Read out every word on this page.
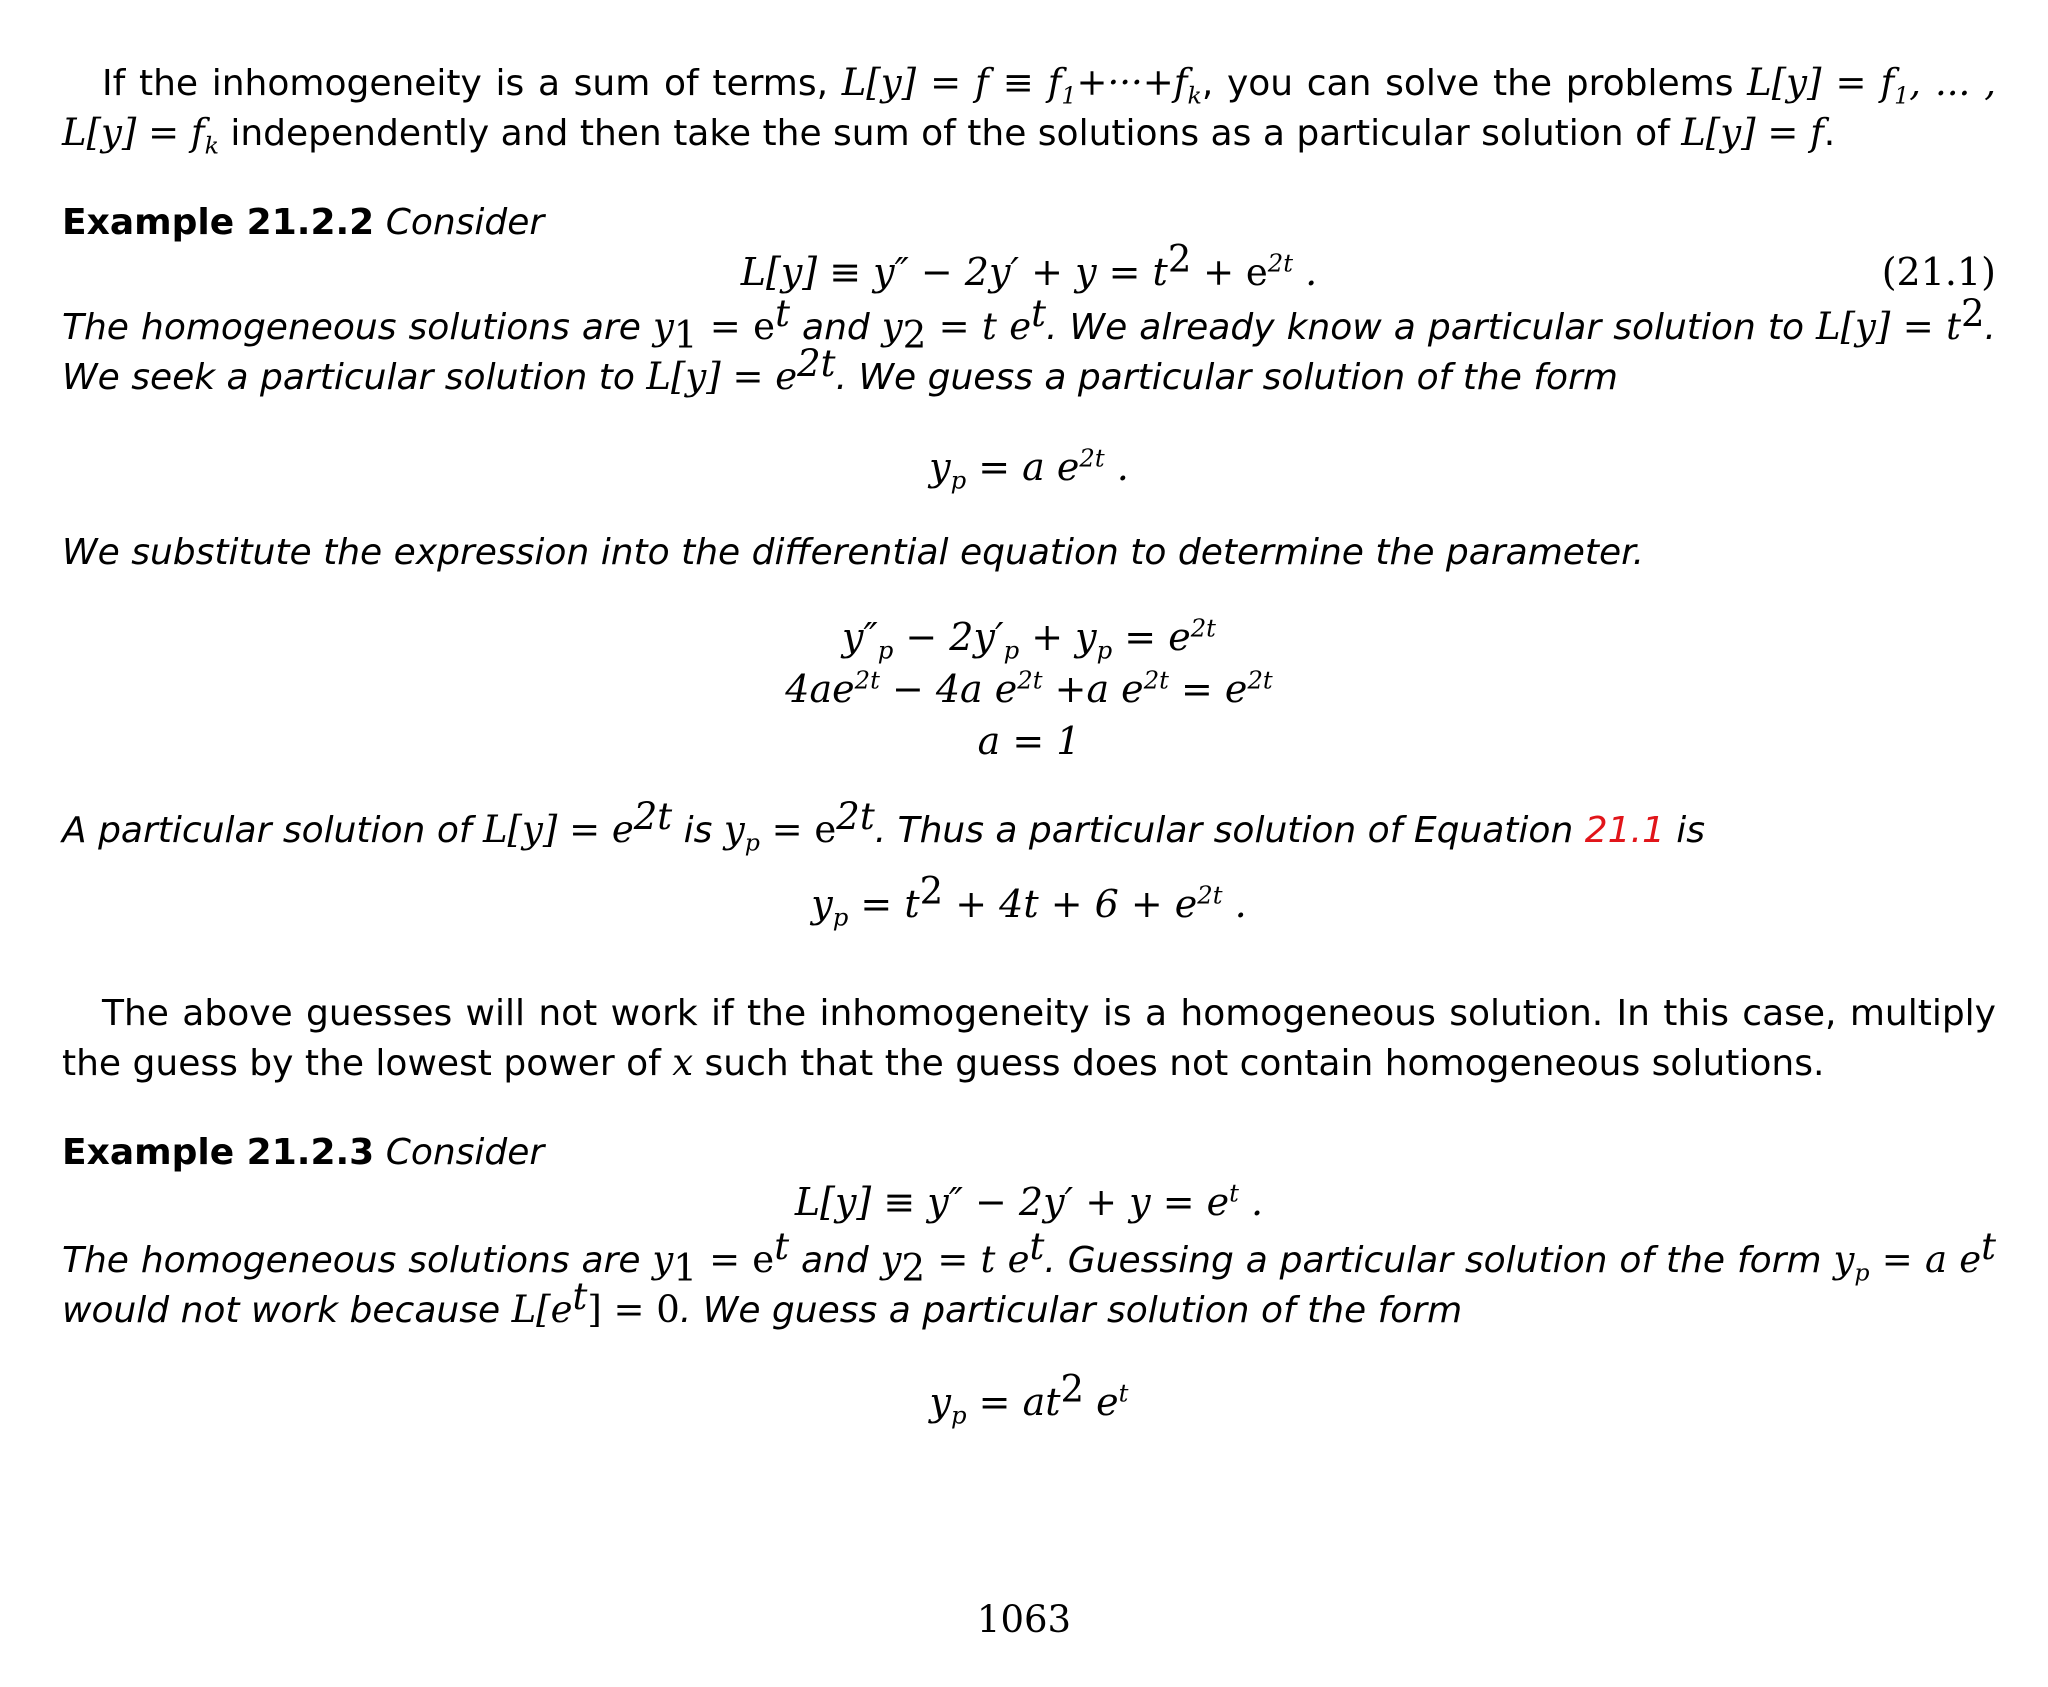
If the inhomogeneity is a sum of terms, $L[y] = f \equiv f_1+\cdot\cdot\cdot+f_k$, you can solve the problems $L[y] = f_1$, ... , $L[y] = f_k$ independently and then take the sum of the solutions as a particular solution of L[y] = f.

Example 21.2.2 Consider

$L[y] \equiv y'' - 2y' + y = t^2 + e^{2t}$ .	(21.1)

The homogeneous solutions are $y_1 = e^t$ and $y_2 = t$ $e^t$. We already know a particular solution to $L[y] = t^2$. We seek a particular solution to $L[y] = e^{2t}$. We guess a particular solution of the form

$y_p = a$ $e^{2t}$ .

We substitute the expression into the differential equation to determine the parameter.

$y''_p - 2y'_p + y_p = e^{2t}$
$4ae^{2t} - 4a$ $e^{2t} +a$ $e^{2t} = e^{2t}$
a = 1

A particular solution of $L[y] = e^{2t}$ is $y_p = e^{2t}$. Thus a particular solution of Equation 21.1 is

$y_p = t^2 + 4t + 6 + e^{2t}$ .

The above guesses will not work if the inhomogeneity is a homogeneous solution. In this case, multiply the guess by the lowest power of x such that the guess does not contain homogeneous solutions.

Example 21.2.3 Consider

$L[y] \equiv y'' - 2y' + y = e^t$ .

The homogeneous solutions are $y_1 = e^t$ and $y_2 = t$ $e^t$. Guessing a particular solution of the form $y_p = a$ $e^t$ would not work because $L[e^t] = 0$. We guess a particular solution of the form

$y_p = at^2$ $e^t$
1063
